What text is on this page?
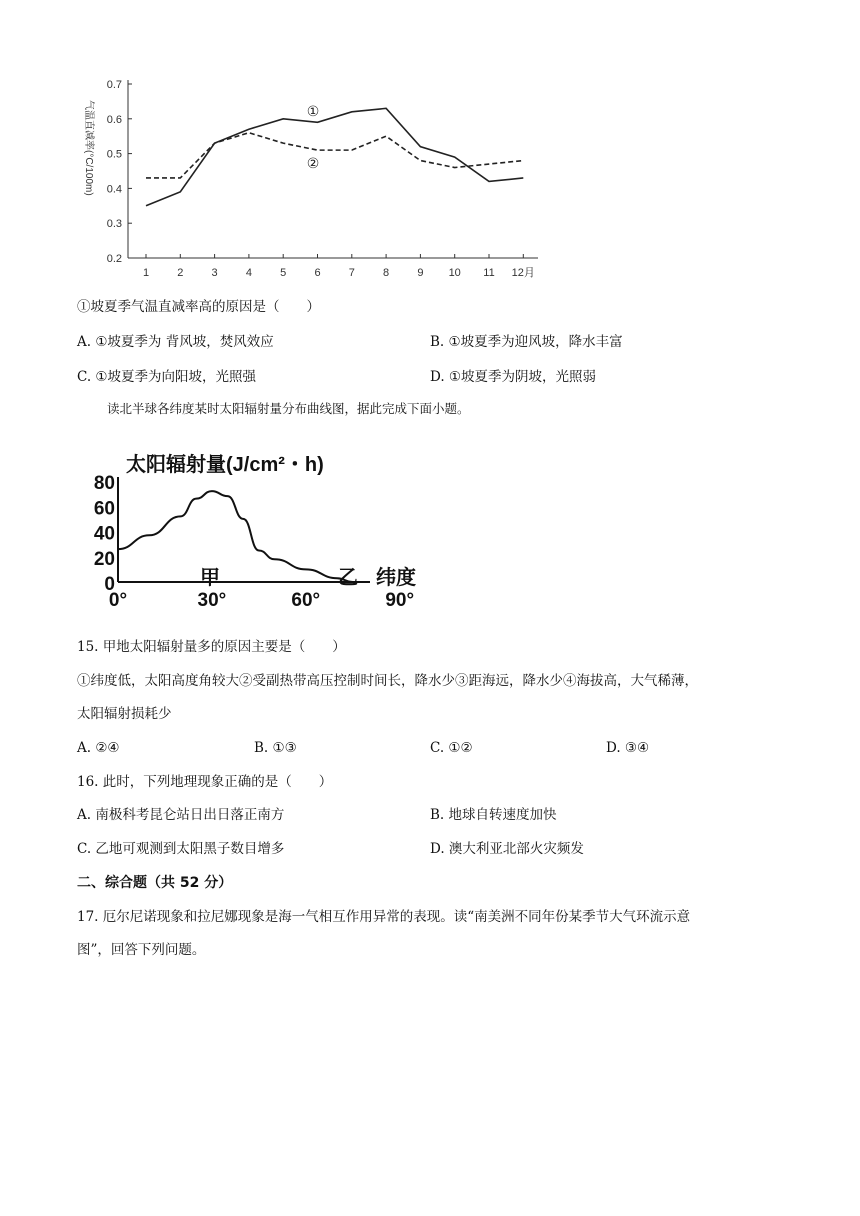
0.7
0.6
0.5
0.4
0.3
0.2
1	2	3	4	5	6	7	8	9 10 11 12月
气温直减率(°C/100m)	①
②
①坡夏季气温直减率高的原因是（　　）
A. ①坡夏季为 背风坡，焚风效应	B. ①坡夏季为迎风坡，降水丰富
C. ①坡夏季为向阳坡，光照强	D. ①坡夏季为阴坡，光照弱
读北半球各纬度某时太阳辐射量分布曲线图，据此完成下面小题。
太阳辐射量(J/cm²・h)
80
60
40
20
0
0°	30°	60°	90°
纬度
甲	乙
15. 甲地太阳辐射量多的原因主要是（　　）
①纬度低，太阳高度角较大②受副热带高压控制时间长，降水少③距海远，降水少④海拔高，大气稀薄，
太阳辐射损耗少
A. ②④	B. ①③	C. ①②	D. ③④
16. 此时，下列地理现象正确的是（　　）
A. 南极科考昆仑站日出日落正南方	B. 地球自转速度加快
C. 乙地可观测到太阳黑子数目增多	D. 澳大利亚北部火灾频发
二、综合题（共 52 分）
17. 厄尔尼诺现象和拉尼娜现象是海一气相互作用异常的表现。读“南美洲不同年份某季节大气环流示意
图”，回答下列问题。
